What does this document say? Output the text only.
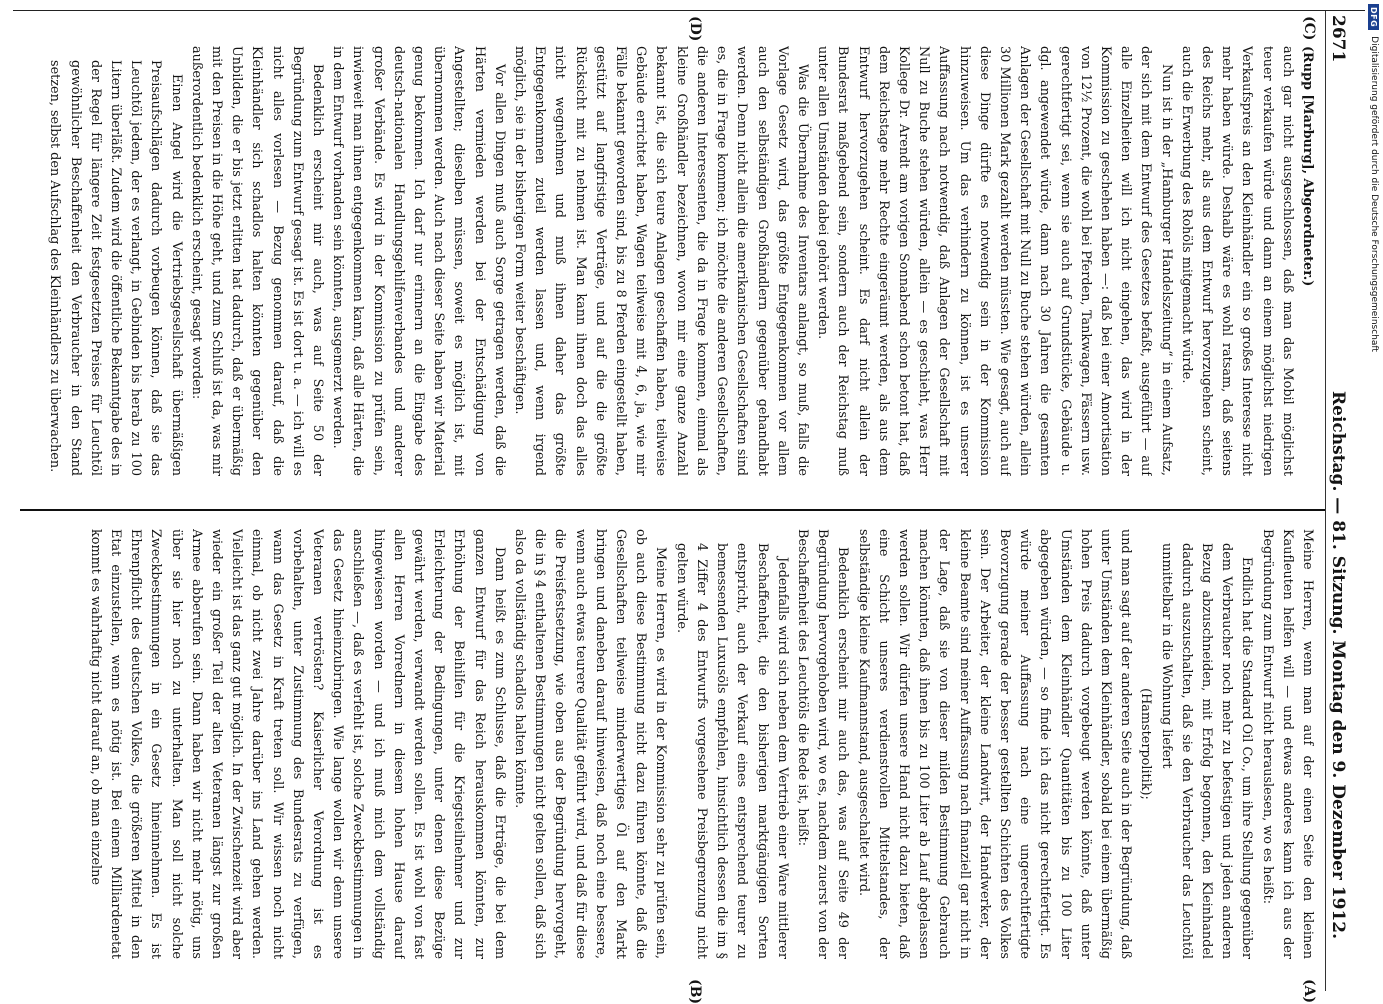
DFG
Digitalisierung gefördert durch die Deutsche Forschungsgemeinschaft
2671
Reichstag. — 81. Sitzung. Montag den 9. Dezember 1912.
(A)
(B)
(C)
(D)

(Rupp [Marburg], Abgeordneter.)

auch gar nicht ausgeschlossen, daß man das Mobil möglichst teuer verkaufen würde und dann an einem möglichst niedrigen Verkaufspreis an den Kleinhändler ein so großes Interesse nicht mehr haben würde. Deshalb wäre es wohl ratsam, daß seitens des Reichs mehr, als aus dem Entwurf hervorzugehen scheint, auch die Erwerbung des Rohöls mitgemacht würde.

Nun ist in der „Hamburger Handelszeitung“ in einem Aufsatz, der sich mit dem Entwurf des Gesetzes befaßt, ausgeführt — auf alle Einzelheiten will ich nicht eingehen, das wird in der Kommission zu geschehen haben —: daß bei einer Amortisation von 12½ Prozent, die wohl bei Pferden, Tankwagen, Fässern usw. gerechtfertigt sei, wenn sie auch auf Grundstücke, Gebäude u. dgl. angewendet würde, dann nach 30 Jahren die gesamten Anlagen der Gesellschaft mit Null zu Buche stehen würden, allein 30 Millionen Mark gezahlt werden müssten. Wie gesagt, auch auf diese Dinge dürfte es notwendig sein in der Kommission hinzuweisen. Um das verhindern zu können, ist es unserer Auffassung nach notwendig, daß Anlagen der Gesellschaft mit Null zu Buche stehen würden, allein — es geschieht, was Herr Kollege Dr. Arendt am vorigen Sonnabend schon betont hat, daß dem Reichstage mehr Rechte eingeräumt werden, als aus dem Entwurf hervorzugehen scheint. Es darf nicht allein der Bundesrat maßgebend sein, sondern auch der Reichstag muß unter allen Umständen dabei gehört werden.

Was die Übernahme des Inventars anlangt, so muß, falls die Vorlage Gesetz wird, das größte Entgegenkommen vor allem auch den selbständigen Großhändlern gegenüber gehandhabt werden. Denn nicht allein die amerikanischen Gesellschaften sind es, die in Frage kommen; ich möchte die anderen Gesellschaften, die anderen Interessenten, die da in Frage kommen, einmal als kleine Großhändler bezeichnen, wovon mir eine ganze Anzahl bekannt ist, die sich teure Anlagen geschaffen haben, teilweise Gebäude errichtet haben, Wagen teilweise mit 4, 6, ja, wie mir Fälle bekannt geworden sind, bis zu 8 Pferden eingestellt haben, gestützt auf langfristige Verträge, und auf die die größte Rücksicht mit zu nehmen ist. Man kann ihnen doch das alles nicht wegnehmen und muß ihnen daher das größte Entgegenkommen zuteil werden lassen und, wenn irgend möglich, sie in der bisherigen Form weiter beschäftigen.

Vor allen Dingen muß auch Sorge getragen werden, daß die Härten vermieden werden bei der Entschädigung von Angestellten; dieselben müssen, soweit es möglich ist, mit übernommen werden. Auch nach dieser Seite haben wir Material genug bekommen. Ich darf nur erinnern an die Eingabe des deutsch-nationalen Handlungsgehilfenverbandes und anderer großer Verbände. Es wird in der Kommission zu prüfen sein, inwieweit man ihnen entgegenkommen kann, daß alle Härten, die in dem Entwurf vorhanden sein könnten, ausgemerzt werden.

Bedenklich erscheint mir auch, was auf Seite 50 der Begründung zum Entwurf gesagt ist. Es ist dort u. a. — ich will es nicht alles vorlesen — Bezug genommen darauf, daß die Kleinhändler sich schadlos halten könnten gegenüber den Unbilden, die er bis jetzt erlitten hat dadurch, daß er übermäßig mit den Preisen in die Höhe geht, und zum Schluß ist da, was mir außerordentlich bedenklich erscheint, gesagt worden:

Einen Angel wird die Vertriebsgesellschaft übermäßigen Preisaufschlägen dadurch vorbeugen können, daß sie das Leuchtöl jedem, der es verlangt, in Gebinden bis herab zu 100 Litern überläßt. Zudem wird die öffentliche Bekanntgabe des in der Regel für längere Zeit festgesetzten Preises für Leuchtöl gewöhnlicher Beschaffenheit den Verbraucher in den Stand setzen, selbst den Aufschlag des Kleinhändlers zu überwachen.

Meine Herren, wenn man auf der einen Seite den kleinen Kaufleuten helfen will — und etwas anderes kann ich aus der Begründung zum Entwurf nicht herauslesen, wo es heißt:

Endlich hat die Standard Oil Co., um ihre Stellung gegenüber dem Verbraucher noch mehr zu befestigen und jeden anderen Bezug abzuschneiden, mit Erfolg begonnen, den Kleinhandel dadurch auszuschalten, daß sie den Verbraucher das Leuchtöl unmittelbar in die Wohnung liefert

(Hamsterpolitik);

und man sagt auf der anderen Seite auch in der Begründung, daß unter Umständen dem Kleinhändler, sobald bei einem übermäßig hohen Preis dadurch vorgebeugt werden könnte, daß unter Umständen dem Kleinhändler Quantitäten bis zu 100 Liter abgegeben würden, — so finde ich das nicht gerechtfertigt. Es würde meiner Auffassung nach eine ungerechtfertigte Bevorzugung gerade der besser gestellten Schichten des Volkes sein. Der Arbeiter, der kleine Landwirt, der Handwerker, der kleine Beamte sind meiner Auffassung nach finanziell gar nicht in der Lage, daß sie von dieser milden Bestimmung Gebrauch machen könnten, daß ihnen bis zu 100 Liter ab Lauf abgelassen werden sollen. Wir dürfen unsere Hand nicht dazu bieten, daß eine Schicht unseres verdienstvollen Mittelstandes, der selbständige kleine Kaufmannstand, ausgeschaltet wird.

Bedenklich erscheint mir auch das, was auf Seite 49 der Begründung hervorgehoben wird, wo es, nachdem zuerst von der Beschaffenheit des Leuchtöls die Rede ist, heißt:

Jedenfalls wird sich neben dem Vertrieb einer Ware mittlerer Beschaffenheit, die den bisherigen marktgängigen Sorten entspricht, auch der Verkauf eines entsprechend teurer zu bemessenden Luxusöls empfehlen, hinsichtlich dessen die im § 4 Ziffer 4 des Entwurfs vorgesehene Preisbegrenzung nicht gelten würde.

Meine Herren, es wird in der Kommission sehr zu prüfen sein, ob auch diese Bestimmung nicht dazu führen könnte, daß die Gesellschaften teilweise minderwertiges Öl auf den Markt bringen und daneben darauf hinweisen, daß noch eine bessere, wenn auch etwas teurere Qualität geführt wird, und daß für diese die Preisfestsetzung, wie oben aus der Begründung hervorgeht, die in § 4 enthaltenen Bestimmungen nicht gelten sollen, daß sich also da vollständig schadlos halten könnte.

Dann heißt es zum Schlusse, daß die Erträge, die bei dem ganzen Entwurf für das Reich herauskommen könnten, zur Erhöhung der Beihilfen für die Kriegsteilnehmer und zur Erleichterung der Bedingungen, unter denen diese Bezüge gewährt werden, verwandt werden sollen. Es ist wohl von fast allen Herren Vorrednern in diesem hohen Hause darauf hingewiesen worden — und ich muß mich dem vollständig anschließen —, daß es verfehlt ist, solche Zweckbestimmungen in das Gesetz hineinzubringen. Wie lange wollen wir denn unsere Veteranen vertrösten? Kaiserlicher Verordnung ist es vorbehalten, unter Zustimmung des Bundesrats zu verfügen, wann das Gesetz in Kraft treten soll. Wir wissen noch nicht einmal, ob nicht zwei Jahre darüber ins Land gehen werden. Vielleicht ist das ganz gut möglich. In der Zwischenzeit wird aber wieder ein großer Teil der alten Veteranen längst zur großen Armee abberufen sein. Dann haben wir nicht mehr nötig, uns über sie hier noch zu unterhalten. Man soll nicht solche Zweckbestimmungen in ein Gesetz hineinnehmen. Es ist Ehrenpflicht des deutschen Volkes, die größeren Mittel in den Etat einzustellen, wenn es nötig ist. Bei einem Milliardenetat kommt es wahrhaftig nicht darauf an, ob man einzelne
